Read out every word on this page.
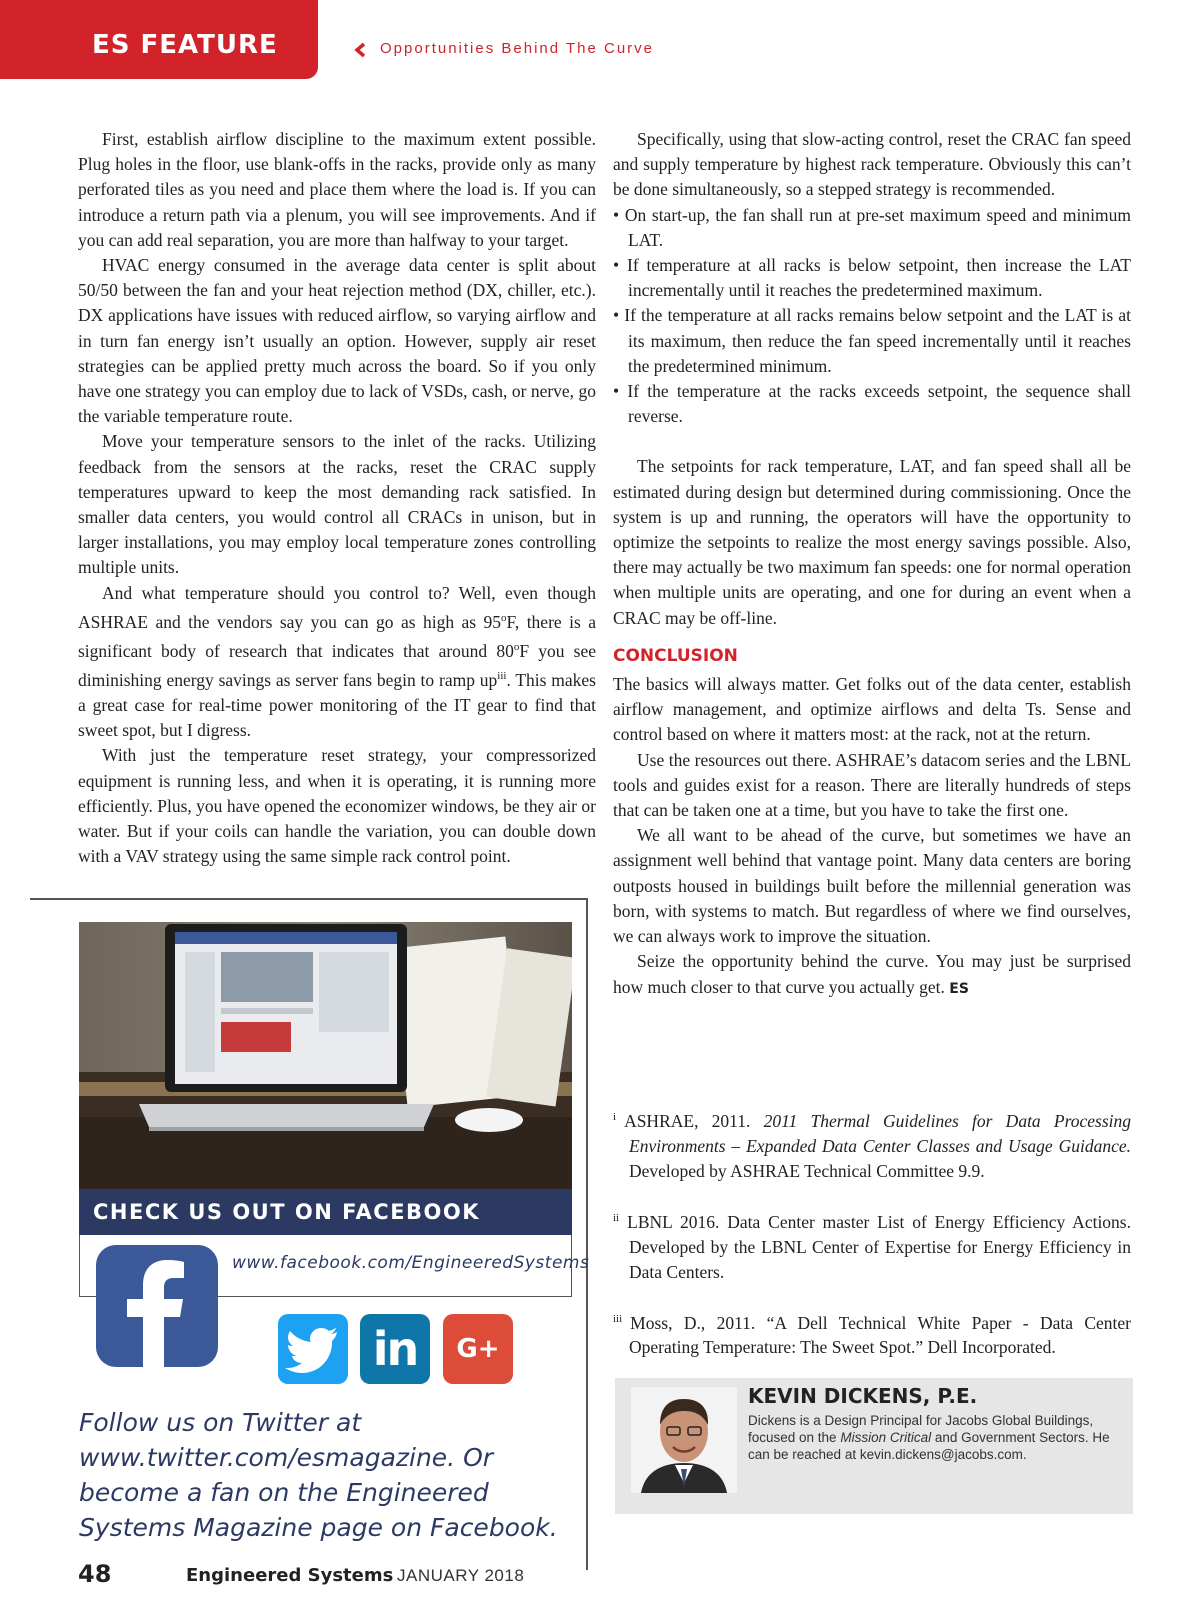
ES FEATURE	Opportunities Behind The Curve

First, establish airflow discipline to the maximum extent possible. Plug holes in the floor, use blank-offs in the racks, provide only as many perforated tiles as you need and place them where the load is. If you can introduce a return path via a plenum, you will see improvements. And if you can add real separation, you are more than halfway to your target.

HVAC energy consumed in the average data center is split about 50/50 between the fan and your heat rejection method (DX, chiller, etc.). DX applications have issues with reduced airflow, so varying airflow and in turn fan energy isn’t usually an option. However, supply air reset strategies can be applied pretty much across the board. So if you only have one strategy you can employ due to lack of VSDs, cash, or nerve, go the variable temperature route.

Move your temperature sensors to the inlet of the racks. Utilizing feedback from the sensors at the racks, reset the CRAC supply temperatures upward to keep the most demanding rack satisfied. In smaller data centers, you would control all CRACs in unison, but in larger installations, you may employ local temperature zones controlling multiple units.

And what temperature should you control to? Well, even though ASHRAE and the vendors say you can go as high as 95$^o$F, there is a significant body of research that indicates that around 80$^o$F you see diminishing energy savings as server fans begin to ramp $up^{iii}$. This makes a great case for real-time power monitoring of the IT gear to find that sweet spot, but I digress.

With just the temperature reset strategy, your compressorized equipment is running less, and when it is operating, it is running more efficiently. Plus, you have opened the economizer windows, be they air or water. But if your coils can handle the variation, you can double down with a VAV strategy using the same simple rack control point.

Specifically, using that slow-acting control, reset the CRAC fan speed and supply temperature by highest rack temperature. Obviously this can’t be done simultaneously, so a stepped strategy is recommended.

• On start-up, the fan shall run at pre-set maximum speed and minimum LAT.
• If temperature at all racks is below setpoint, then increase the LAT incrementally until it reaches the predetermined maximum.
• If the temperature at all racks remains below setpoint and the LAT is at its maximum, then reduce the fan speed incrementally until it reaches the predetermined minimum.
• If the temperature at the racks exceeds setpoint, the sequence shall reverse.

The setpoints for rack temperature, LAT, and fan speed shall all be estimated during design but determined during commissioning. Once the system is up and running, the operators will have the opportunity to optimize the setpoints to realize the most energy savings possible. Also, there may actually be two maximum fan speeds: one for normal operation when multiple units are operating, and one for during an event when a CRAC may be off-line.

CONCLUSION

The basics will always matter. Get folks out of the data center, establish airflow management, and optimize airflows and delta Ts. Sense and control based on where it matters most: at the rack, not at the return.

Use the resources out there. ASHRAE’s datacom series and the LBNL tools and guides exist for a reason. There are literally hundreds of steps that can be taken one at a time, but you have to take the first one.

We all want to be ahead of the curve, but sometimes we have an assignment well behind that vantage point. Many data centers are boring outposts housed in buildings built before the millennial generation was born, with systems to match. But regardless of where we find ourselves, we can always work to improve the situation.

Seize the opportunity behind the curve. You may just be surprised how much closer to that curve you actually get. ES

$^i$ ASHRAE, 2011. 2011 Thermal Guidelines for Data Processing Environments – Expanded Data Center Classes and Usage Guidance. Developed by ASHRAE Technical Committee 9.9.
$^{ii}$ LBNL 2016. Data Center master List of Energy Efficiency Actions. Developed by the LBNL Center of Expertise for Energy Efficiency in Data Centers.
$^{iii}$ Moss, D., 2011. “A Dell Technical White Paper - Data Center Operating Temperature: The Sweet Spot.” Dell Incorporated.
CHECK US OUT ON FACEBOOK
www.facebook.com/EngineeredSystems
in	G+
Follow us on Twitter at www.twitter.com/esmagazine. Or become a fan on the Engineered Systems Magazine page on Facebook.
KEVIN DICKENS, P.E.
Dickens is a Design Principal for Jacobs Global Buildings, focused on the Mission Critical and Government Sectors. He can be reached at kevin.dickens@jacobs.com.
48	Engineered Systems JANUARY 2018
